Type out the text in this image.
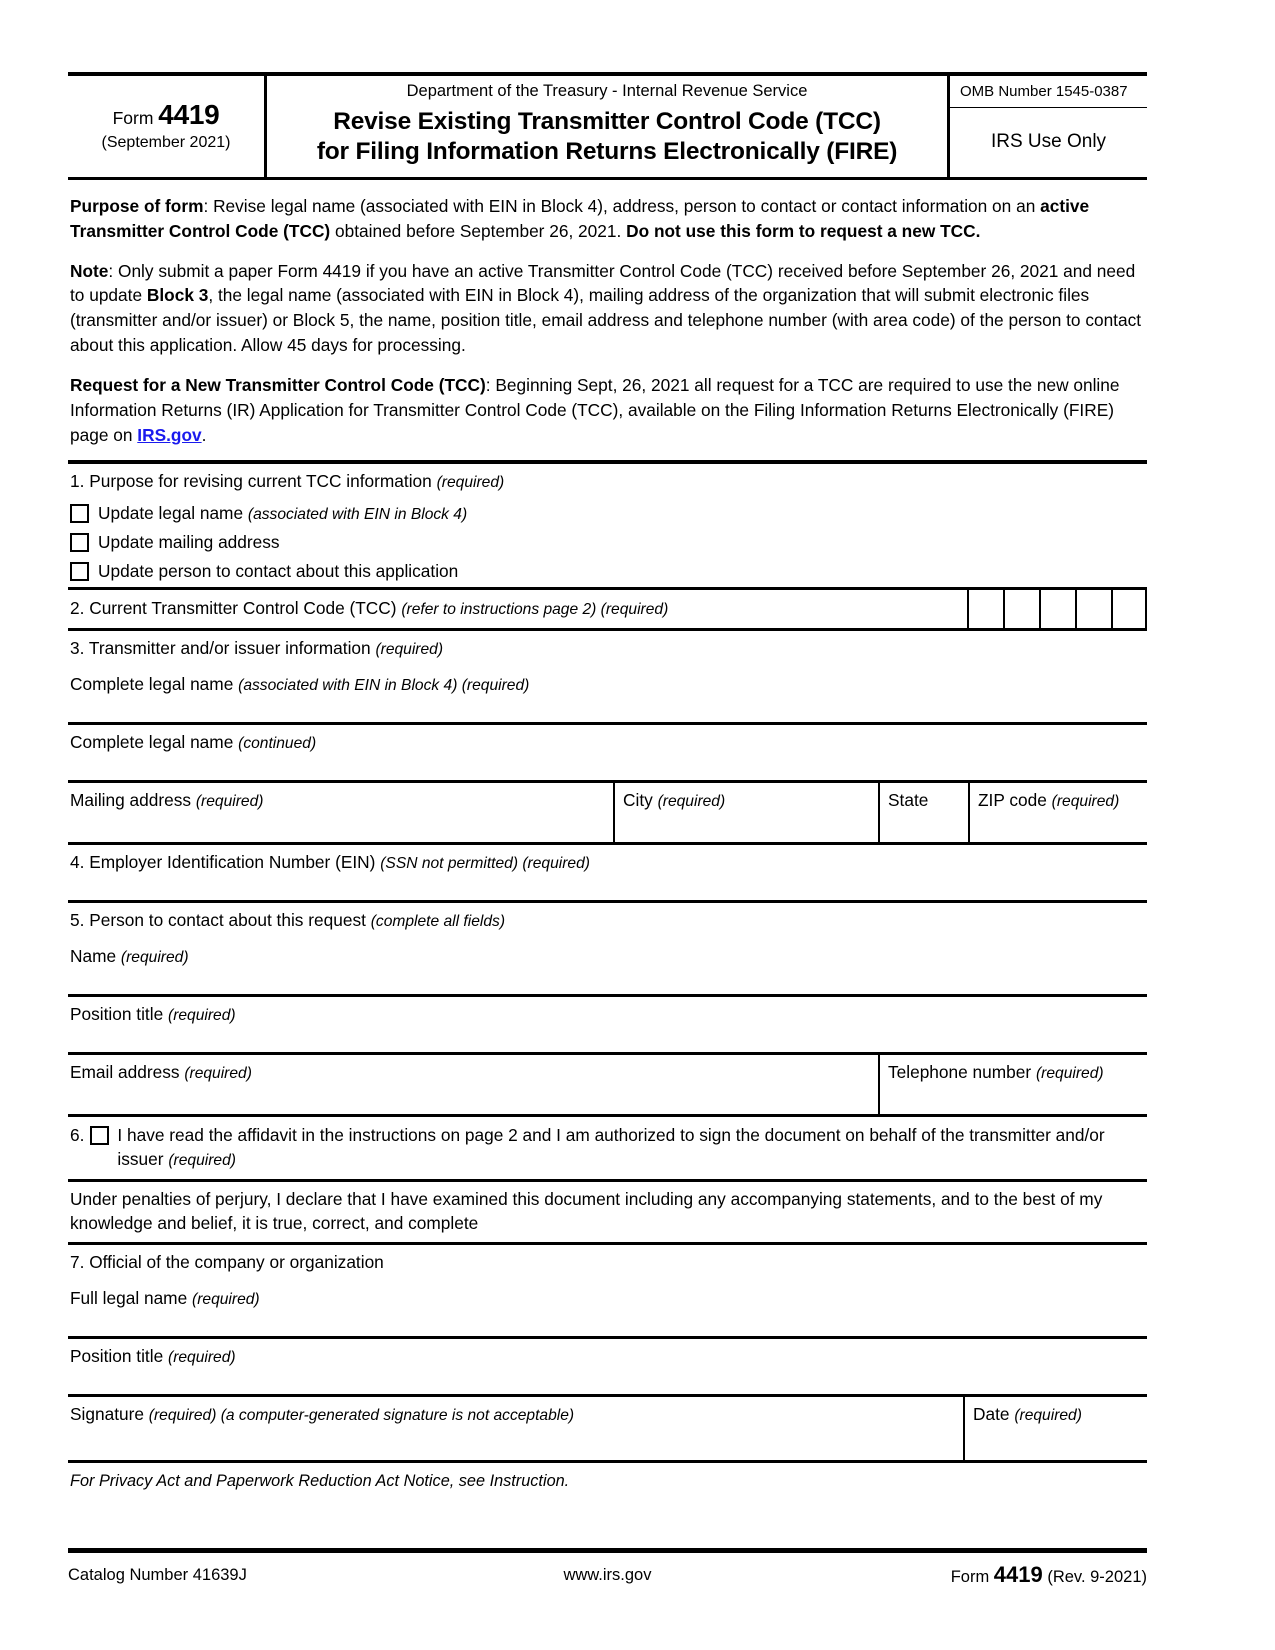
Form 4419
(September 2021)
Department of the Treasury - Internal Revenue Service
Revise Existing Transmitter Control Code (TCC)
for Filing Information Returns Electronically (FIRE)
OMB Number 1545-0387
IRS Use Only

Purpose of form: Revise legal name (associated with EIN in Block 4), address, person to contact or contact information on an active Transmitter Control Code (TCC) obtained before September 26, 2021. Do not use this form to request a new TCC.

Note: Only submit a paper Form 4419 if you have an active Transmitter Control Code (TCC) received before September 26, 2021 and need to update Block 3, the legal name (associated with EIN in Block 4), mailing address of the organization that will submit electronic files (transmitter and/or issuer) or Block 5, the name, position title, email address and telephone number (with area code) of the person to contact about this application. Allow 45 days for processing.

Request for a New Transmitter Control Code (TCC): Beginning Sept, 26, 2021 all request for a TCC are required to use the new online Information Returns (IR) Application for Transmitter Control Code (TCC), available on the Filing Information Returns Electronically (FIRE) page on IRS.gov.

1. Purpose for revising current TCC information (required)
Update legal name (associated with EIN in Block 4)
Update mailing address
Update person to contact about this application
2. Current Transmitter Control Code (TCC) (refer to instructions page 2) (required)
3. Transmitter and/or issuer information (required)
Complete legal name (associated with EIN in Block 4) (required)
Complete legal name (continued)
Mailing address (required)	City (required)	State	ZIP code (required)
4. Employer Identification Number (EIN) (SSN not permitted) (required)
5. Person to contact about this request (complete all fields)
Name (required)
Position title (required)
Email address (required)	Telephone number (required)
6. I have read the affidavit in the instructions on page 2 and I am authorized to sign the document on behalf of the transmitter and/or issuer (required)
Under penalties of perjury, I declare that I have examined this document including any accompanying statements, and to the best of my knowledge and belief, it is true, correct, and complete
7. Official of the company or organization
Full legal name (required)
Position title (required)
Signature (required) (a computer-generated signature is not acceptable)	Date (required)
For Privacy Act and Paperwork Reduction Act Notice, see Instruction.
Catalog Number 41639J	www.irs.gov	Form 4419 (Rev. 9-2021)
